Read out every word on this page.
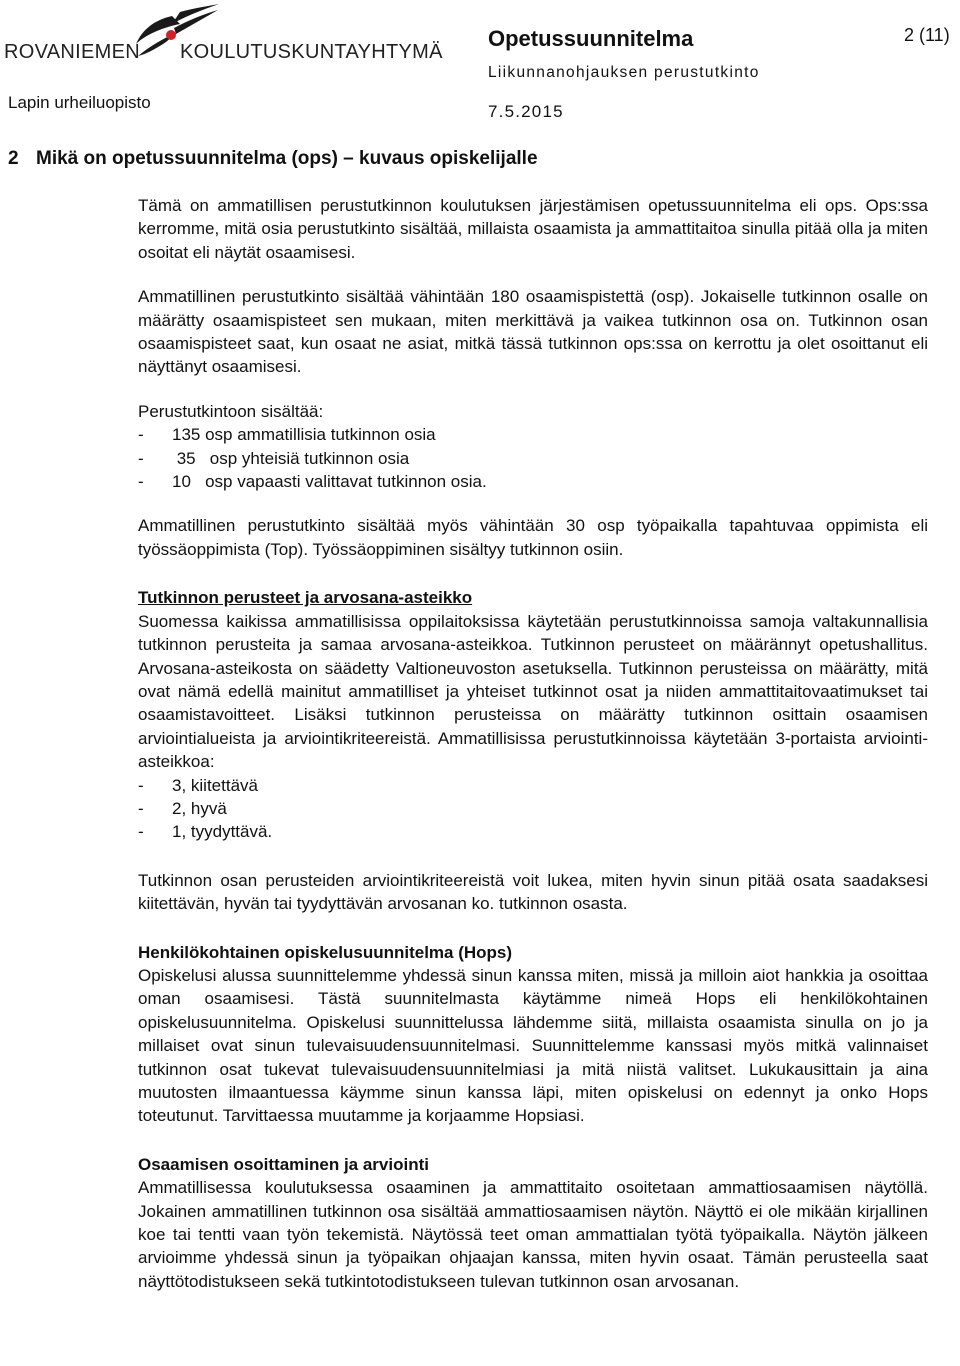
ROVANIEMEN KOULUTUSKUNTAYHTYMÄ
Lapin urheiluopisto
Opetussuunnitelma	2 (11)
Liikunnanohjauksen perustutkinto
7.5.2015
2 Mikä on opetussuunnitelma (ops) – kuvaus opiskelijalle

Tämä on ammatillisen perustutkinnon koulutuksen järjestämisen opetussuunnitelma eli ops. Ops:ssa kerromme, mitä osia perustutkinto sisältää, millaista osaamista ja ammattitaitoa sinulla pitää olla ja miten osoitat eli näytät osaamisesi.

Ammatillinen perustutkinto sisältää vähintään 180 osaamispistettä (osp). Jokaiselle tutkinnon osalle on määrätty osaamispisteet sen mukaan, miten merkittävä ja vaikea tutkinnon osa on. Tutkinnon osan osaamispisteet saat, kun osaat ne asiat, mitkä tässä tutkinnon ops:ssa on kerrottu ja olet osoittanut eli näyttänyt osaamisesi.

Perustutkintoon sisältää:

- 135 osp ammatillisia tutkinnon osia
- 35   osp yhteisiä tutkinnon osia
- 10   osp vapaasti valittavat tutkinnon osia.

Ammatillinen perustutkinto sisältää myös vähintään 30 osp työpaikalla tapahtuvaa oppimista eli työssäoppimista (Top). Työssäoppiminen sisältyy tutkinnon osiin.

Tutkinnon perusteet ja arvosana-asteikko

Suomessa kaikissa ammatillisissa oppilaitoksissa käytetään perustutkinnoissa samoja valtakunnallisia tutkinnon perusteita ja samaa arvosana-asteikkoa. Tutkinnon perusteet on määrännyt opetushallitus. Arvosana-asteikosta on säädetty Valtioneuvoston asetuksella. Tutkinnon perusteissa on määrätty, mitä ovat nämä edellä mainitut ammatilliset ja yhteiset tutkinnot osat ja niiden ammattitaitovaatimukset tai osaamistavoitteet. Lisäksi tutkinnon perusteissa on määrätty tutkinnon osittain osaamisen arviointialueista ja arviointikriteereistä. Ammatillisissa perustutkinnoissa käytetään 3-portaista arviointiasteikkoa:

- 3, kiitettävä
- 2, hyvä
- 1, tyydyttävä.

Tutkinnon osan perusteiden arviointikriteereistä voit lukea, miten hyvin sinun pitää osata saadaksesi kiitettävän, hyvän tai tyydyttävän arvosanan ko. tutkinnon osasta.

Henkilökohtainen opiskelusuunnitelma (Hops)

Opiskelusi alussa suunnittelemme yhdessä sinun kanssa miten, missä ja milloin aiot hankkia ja osoittaa oman osaamisesi. Tästä suunnitelmasta käytämme nimeä Hops eli henkilökohtainen opiskelusuunnitelma. Opiskelusi suunnittelussa lähdemme siitä, millaista osaamista sinulla on jo ja millaiset ovat sinun tulevaisuudensuunnitelmasi. Suunnittelemme kanssasi myös mitkä valinnaiset tutkinnon osat tukevat tulevaisuudensuunnitelmiasi ja mitä niistä valitset. Lukukausittain ja aina muutosten ilmaantuessa käymme sinun kanssa läpi, miten opiskelusi on edennyt ja onko Hops toteutunut. Tarvittaessa muutamme ja korjaamme Hopsiasi.

Osaamisen osoittaminen ja arviointi

Ammatillisessa koulutuksessa osaaminen ja ammattitaito osoitetaan ammattiosaamisen näytöllä. Jokainen ammatillinen tutkinnon osa sisältää ammattiosaamisen näytön. Näyttö ei ole mikään kirjallinen koe tai tentti vaan työn tekemistä. Näytössä teet oman ammattialan työtä työpaikalla. Näytön jälkeen arvioimme yhdessä sinun ja työpaikan ohjaajan kanssa, miten hyvin osaat. Tämän perusteella saat näyttötodistukseen sekä tutkintotodistukseen tulevan tutkinnon osan arvosanan.
